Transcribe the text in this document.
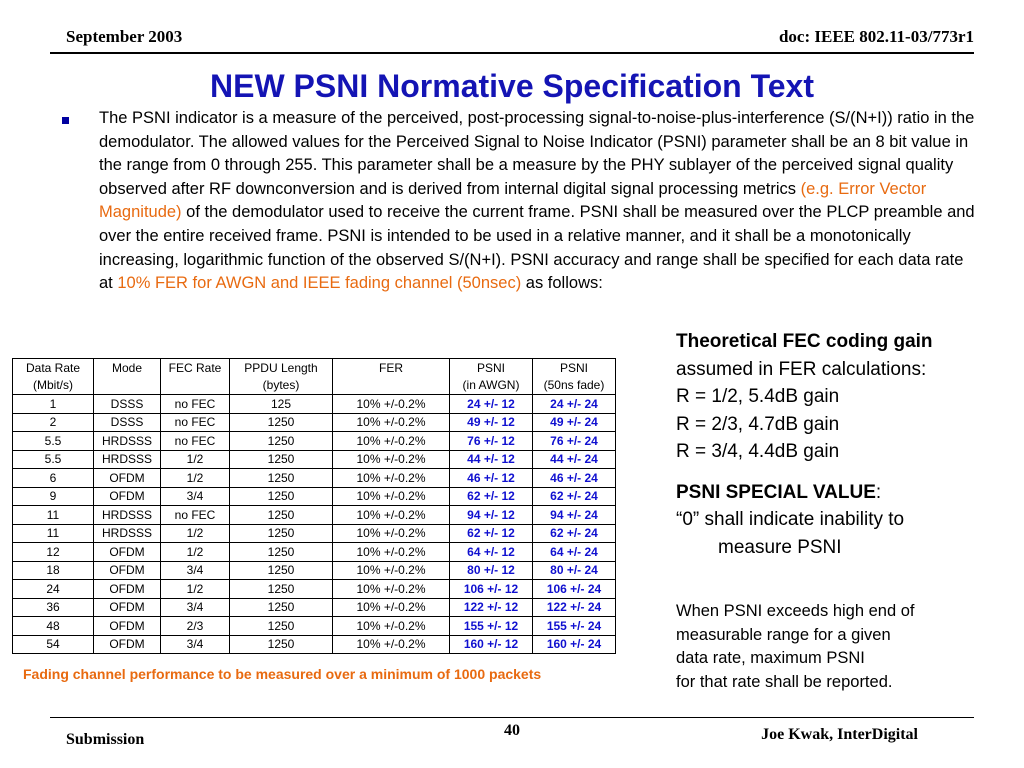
September 2003	doc: IEEE 802.11-03/773r1
NEW PSNI Normative Specification Text
The PSNI indicator is a measure of the perceived, post-processing signal-to-noise-plus-interference (S/(N+I)) ratio in the demodulator. The allowed values for the Perceived Signal to Noise Indicator (PSNI) parameter shall be an 8 bit value in the range from 0 through 255. This parameter shall be a measure by the PHY sublayer of the perceived signal quality observed after RF downconversion and is derived from internal digital signal processing metrics (e.g. Error Vector Magnitude) of the demodulator used to receive the current frame. PSNI shall be measured over the PLCP preamble and over the entire received frame. PSNI is intended to be used in a relative manner, and it shall be a monotonically increasing, logarithmic function of the observed S/(N+I). PSNI accuracy and range shall be specified for each data rate at 10% FER for AWGN and IEEE fading channel (50nsec) as follows:
Data Rate	Mode	FEC Rate	PPDU Length	FER	PSNI	PSNI
(Mbit/s)			(bytes)		(in AWGN)	(50ns fade)
1	DSSS	no FEC	125	10% +/-0.2%	24 +/- 12	24 +/- 24
2	DSSS	no FEC	1250	10% +/-0.2%	49 +/- 12	49 +/- 24
5.5	HRDSSS	no FEC	1250	10% +/-0.2%	76 +/- 12	76 +/- 24
5.5	HRDSSS	1/2	1250	10% +/-0.2%	44 +/- 12	44 +/- 24
6	OFDM	1/2	1250	10% +/-0.2%	46 +/- 12	46 +/- 24
9	OFDM	3/4	1250	10% +/-0.2%	62 +/- 12	62 +/- 24
11	HRDSSS	no FEC	1250	10% +/-0.2%	94 +/- 12	94 +/- 24
11	HRDSSS	1/2	1250	10% +/-0.2%	62 +/- 12	62 +/- 24
12	OFDM	1/2	1250	10% +/-0.2%	64 +/- 12	64 +/- 24
18	OFDM	3/4	1250	10% +/-0.2%	80 +/- 12	80 +/- 24
24	OFDM	1/2	1250	10% +/-0.2%	106 +/- 12	106 +/- 24
36	OFDM	3/4	1250	10% +/-0.2%	122 +/- 12	122 +/- 24
48	OFDM	2/3	1250	10% +/-0.2%	155 +/- 12	155 +/- 24
54	OFDM	3/4	1250	10% +/-0.2%	160 +/- 12	160 +/- 24
Fading channel performance to be measured over a minimum of 1000 packets
Theoretical FEC coding gain
assumed in FER calculations:
R = 1/2, 5.4dB gain
R = 2/3, 4.7dB gain
R = 3/4, 4.4dB gain
PSNI SPECIAL VALUE:
“0” shall indicate inability to
measure PSNI
When PSNI exceeds high end of
measurable range for a given
data rate, maximum PSNI
for that rate shall be reported.
Submission
40	Joe Kwak, InterDigital
